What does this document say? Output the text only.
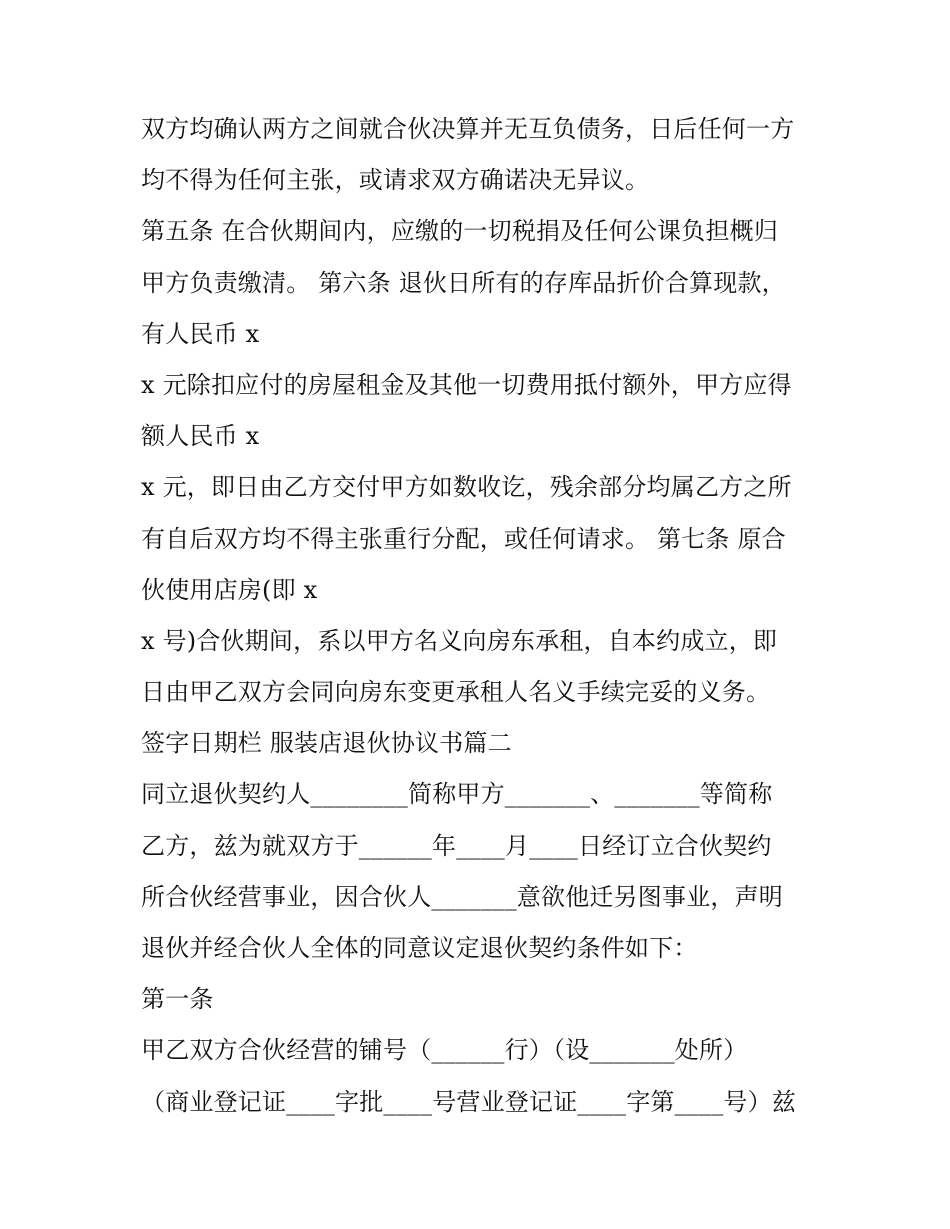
双方均确认两方之间就合伙决算并无互负债务，日后任何一方
均不得为任何主张，或请求双方确诺决无异议。
第五条 在合伙期间内，应缴的一切税捐及任何公课负担概归
甲方负责缴清。 第六条 退伙日所有的存库品折价合算现款，
有人民币 x
x 元除扣应付的房屋租金及其他一切费用抵付额外，甲方应得
额人民币 x
x 元，即日由乙方交付甲方如数收讫，残余部分均属乙方之所
有自后双方均不得主张重行分配，或任何请求。 第七条 原合
伙使用店房(即 x
x 号)合伙期间，系以甲方名义向房东承租，自本约成立，即
日由甲乙双方会同向房东变更承租人名义手续完妥的义务。
签字日期栏 服装店退伙协议书篇二
同立退伙契约人________简称甲方_______、_______等简称
乙方，兹为就双方于______年____月____日经订立合伙契约
所合伙经营事业，因合伙人_______意欲他迁另图事业，声明
退伙并经合伙人全体的同意议定退伙契约条件如下：
第一条
甲乙双方合伙经营的铺号（______行）（设_______处所）
（商业登记证____字批____号营业登记证____字第____号）兹
